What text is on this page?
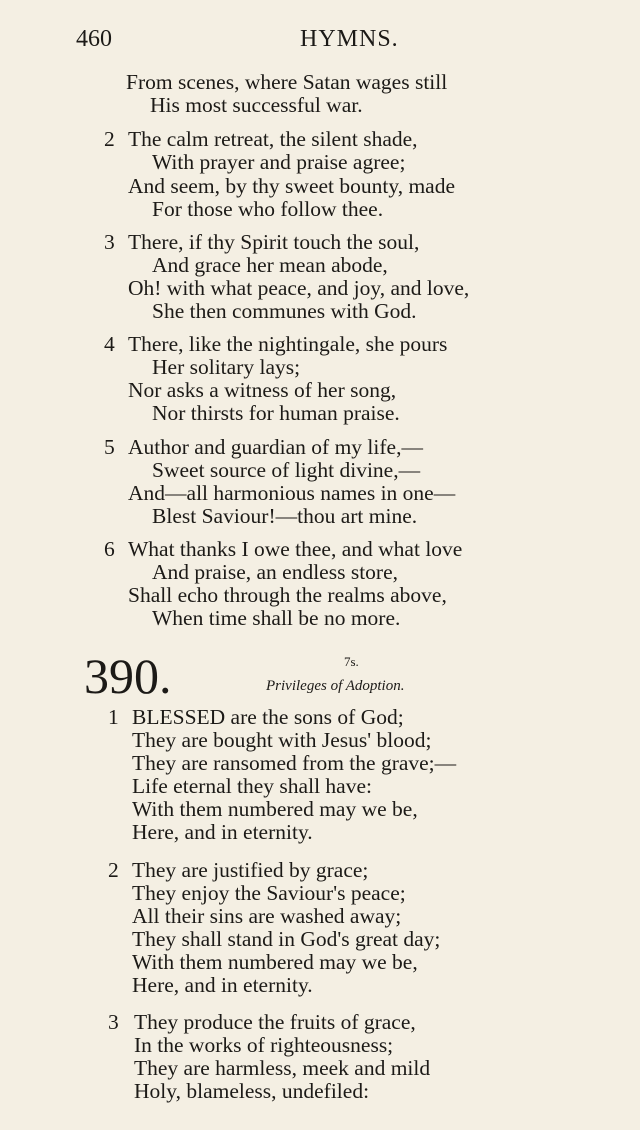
460	HYMNS.
From scenes, where Satan wages still
His most successful war.
2 The calm retreat, the silent shade,
With prayer and praise agree;
And seem, by thy sweet bounty, made
For those who follow thee.
3 There, if thy Spirit touch the soul,
And grace her mean abode,
Oh! with what peace, and joy, and love,
She then communes with God.
4 There, like the nightingale, she pours
Her solitary lays;
Nor asks a witness of her song,
Nor thirsts for human praise.
5 Author and guardian of my life,—
Sweet source of light divine,—
And—all harmonious names in one—
Blest Saviour!—thou art mine.
6 What thanks I owe thee, and what love
And praise, an endless store,
Shall echo through the realms above,
When time shall be no more.
390.	7s.
Privileges of Adoption.
1 BLESSED are the sons of God;
They are bought with Jesus' blood;
They are ransomed from the grave;—
Life eternal they shall have:
With them numbered may we be,
Here, and in eternity.
2 They are justified by grace;
They enjoy the Saviour's peace;
All their sins are washed away;
They shall stand in God's great day;
With them numbered may we be,
Here, and in eternity.
3 They produce the fruits of grace,
In the works of righteousness;
They are harmless, meek and mild
Holy, blameless, undefiled:
